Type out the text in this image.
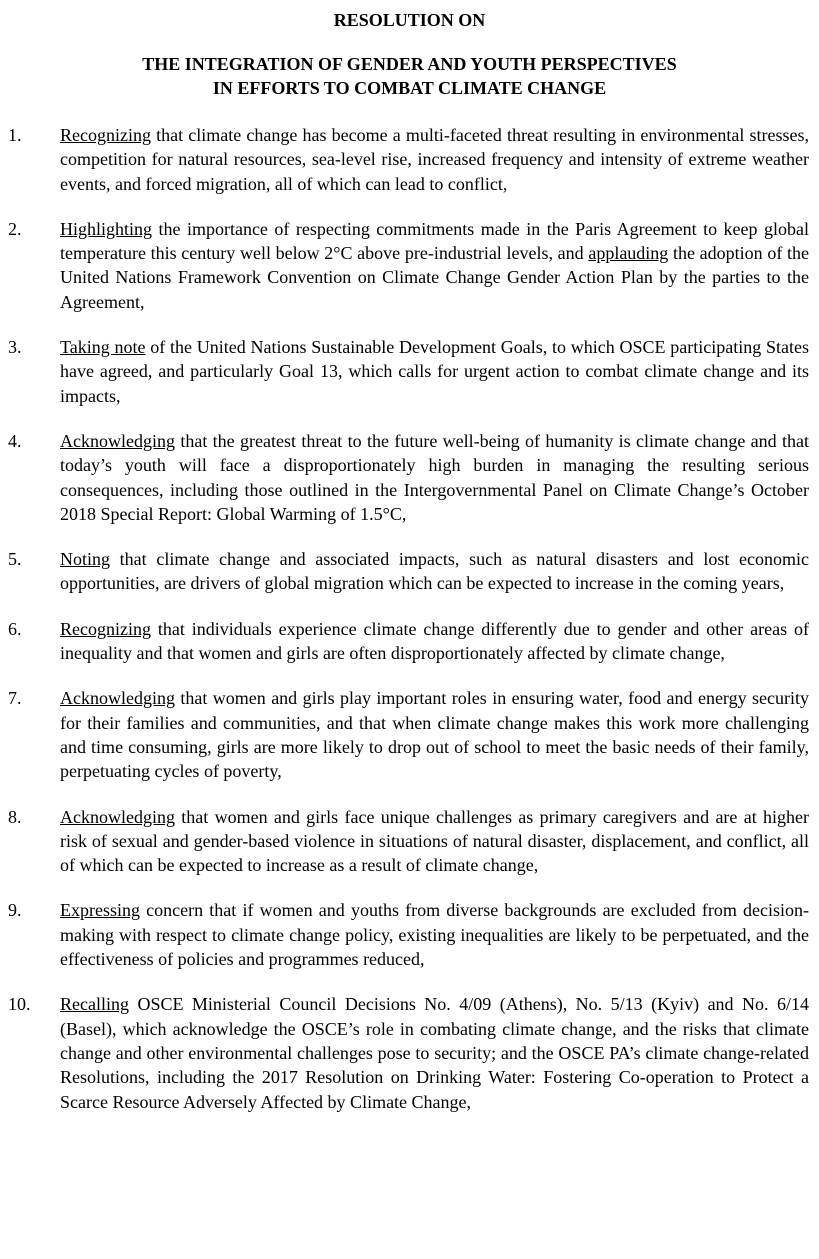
RESOLUTION ON
THE INTEGRATION OF GENDER AND YOUTH PERSPECTIVES
IN EFFORTS TO COMBAT CLIMATE CHANGE
1.	Recognizing that climate change has become a multi-faceted threat resulting in environmental stresses, competition for natural resources, sea-level rise, increased frequency and intensity of extreme weather events, and forced migration, all of which can lead to conflict,
2.	Highlighting the importance of respecting commitments made in the Paris Agreement to keep global temperature this century well below 2°C above pre-industrial levels, and applauding the adoption of the United Nations Framework Convention on Climate Change Gender Action Plan by the parties to the Agreement,
3.	Taking note of the United Nations Sustainable Development Goals, to which OSCE participating States have agreed, and particularly Goal 13, which calls for urgent action to combat climate change and its impacts,
4.	Acknowledging that the greatest threat to the future well-being of humanity is climate change and that today’s youth will face a disproportionately high burden in managing the resulting serious consequences, including those outlined in the Intergovernmental Panel on Climate Change’s October 2018 Special Report: Global Warming of 1.5°C,
5.	Noting that climate change and associated impacts, such as natural disasters and lost economic opportunities, are drivers of global migration which can be expected to increase in the coming years,
6.	Recognizing that individuals experience climate change differently due to gender and other areas of inequality and that women and girls are often disproportionately affected by climate change,
7.	Acknowledging that women and girls play important roles in ensuring water, food and energy security for their families and communities, and that when climate change makes this work more challenging and time consuming, girls are more likely to drop out of school to meet the basic needs of their family, perpetuating cycles of poverty,
8.	Acknowledging that women and girls face unique challenges as primary caregivers and are at higher risk of sexual and gender-based violence in situations of natural disaster, displacement, and conflict, all of which can be expected to increase as a result of climate change,
9.	Expressing concern that if women and youths from diverse backgrounds are excluded from decision-making with respect to climate change policy, existing inequalities are likely to be perpetuated, and the effectiveness of policies and programmes reduced,
10.	Recalling OSCE Ministerial Council Decisions No. 4/09 (Athens), No. 5/13 (Kyiv) and No. 6/14 (Basel), which acknowledge the OSCE’s role in combating climate change, and the risks that climate change and other environmental challenges pose to security; and the OSCE PA’s climate change-related Resolutions, including the 2017 Resolution on Drinking Water: Fostering Co-operation to Protect a Scarce Resource Adversely Affected by Climate Change,
